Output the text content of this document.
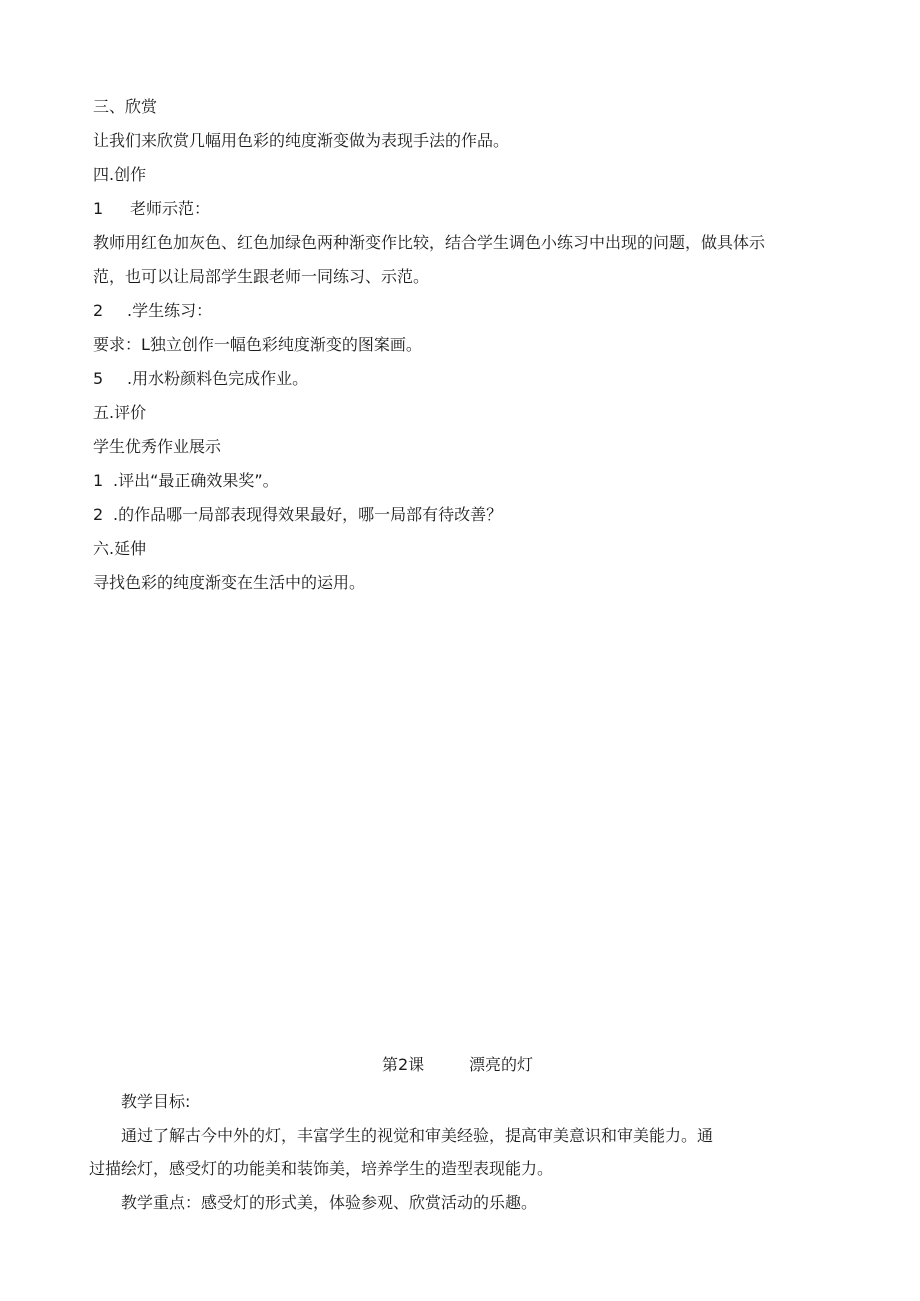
三、欣赏

让我们来欣赏几幅用色彩的纯度渐变做为表现手法的作品。

四.创作

1 老师示范：

教师用红色加灰色、红色加绿色两种渐变作比较，结合学生调色小练习中出现的问题，做具体示

范，也可以让局部学生跟老师一同练习、示范。

2 .学生练习：

要求：L独立创作一幅色彩纯度渐变的图案画。

5 .用水粉颜料色完成作业。

五.评价

学生优秀作业展示

1 .评出“最正确效果奖”。

2 .的作品哪一局部表现得效果最好，哪一局部有待改善？

六.延伸

寻找色彩的纯度渐变在生活中的运用。

第2课	漂亮的灯

教学目标:

通过了解古今中外的灯，丰富学生的视觉和审美经验，提高审美意识和审美能力。通

过描绘灯，感受灯的功能美和装饰美，培养学生的造型表现能力。

教学重点：感受灯的形式美，体验参观、欣赏活动的乐趣。
